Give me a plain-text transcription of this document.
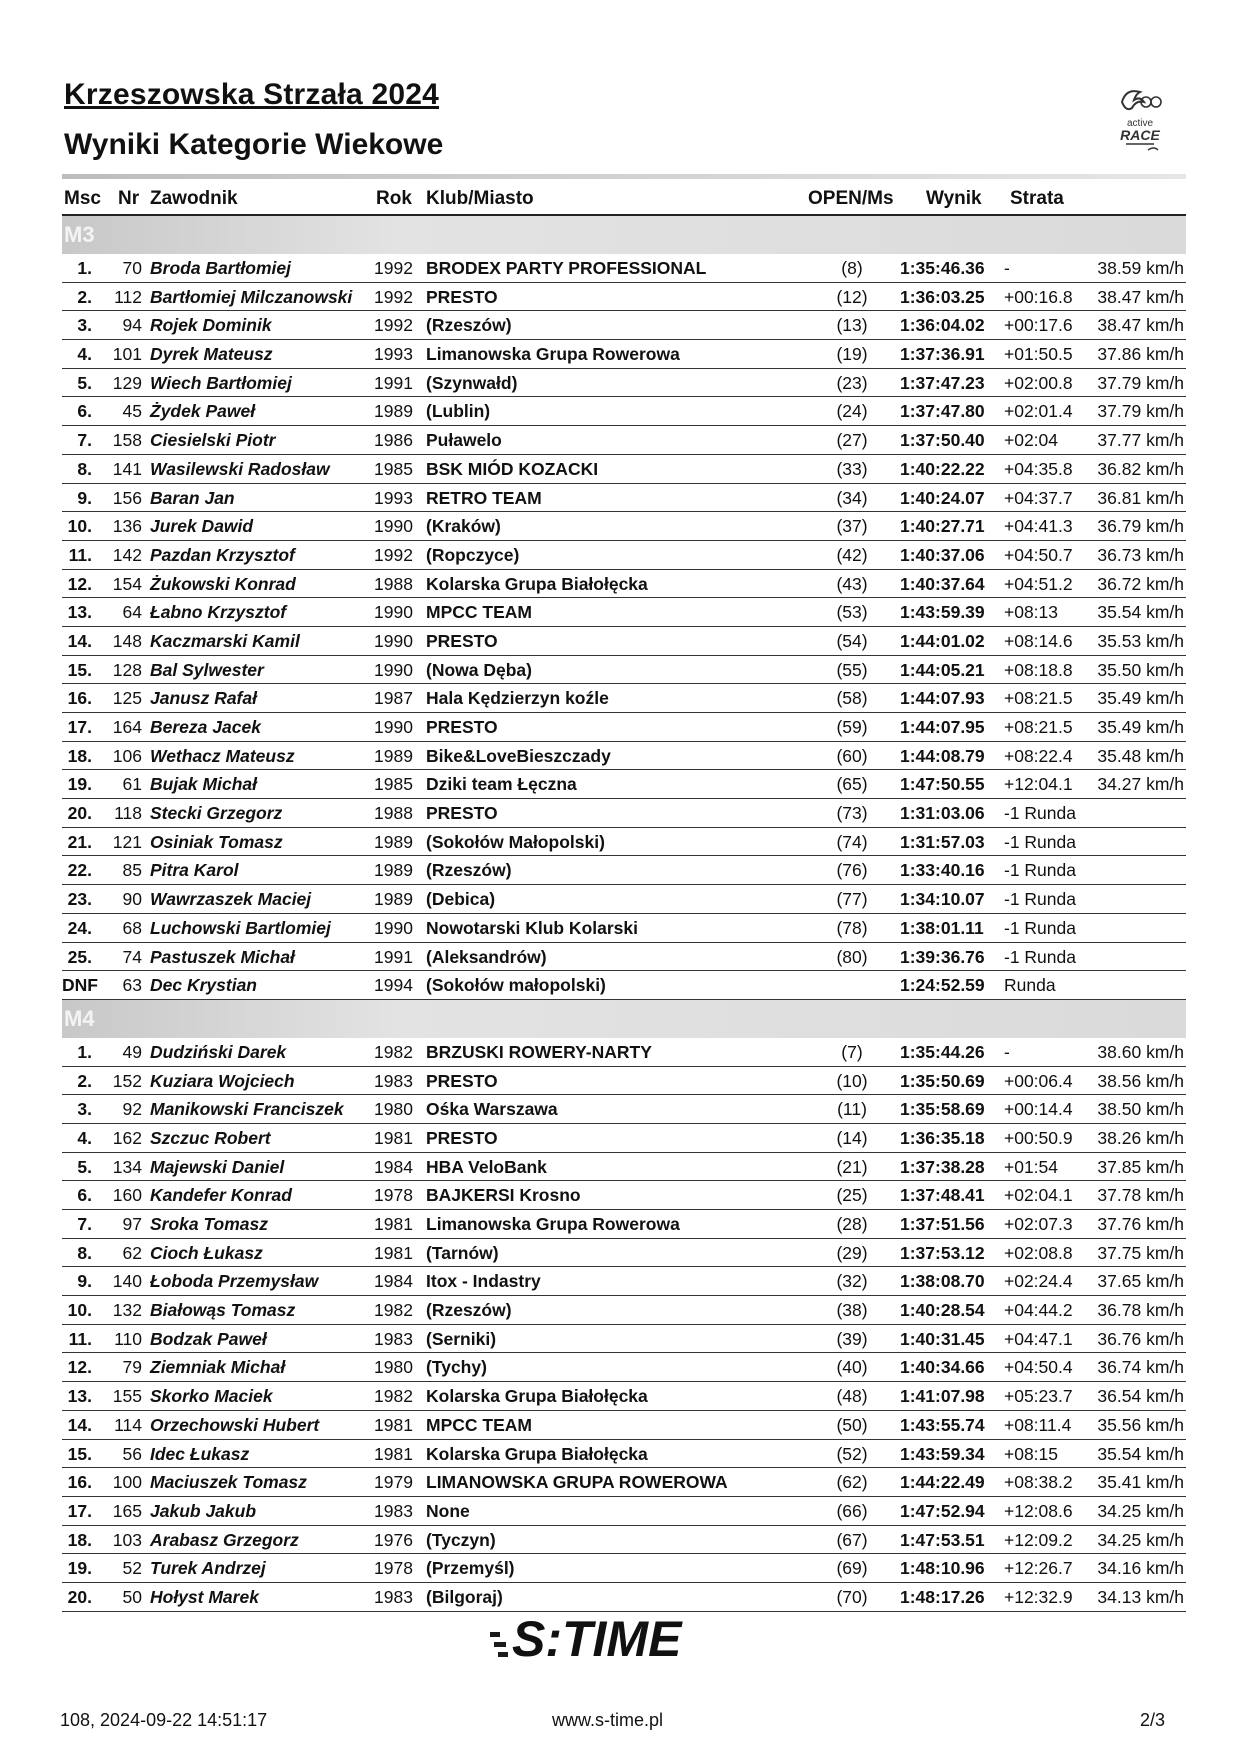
Krzeszowska Strzała 2024
Wyniki Kategorie Wiekowe
active
RACE
Msc Nr Zawodnik	Rok Klub/Miasto	OPEN/Ms Wynik Strata
M3
1.	70 Broda Bartłomiej	1992 BRODEX PARTY PROFESSIONAL	(8)	1:35:46.36 -	38.59 km/h
2.	112 Bartłomiej Milczanowski 1992 PRESTO	(12)	1:36:03.25 +00:16.8	38.47 km/h
3.	94 Rojek Dominik	1992 (Rzeszów)	(13)	1:36:04.02 +00:17.6	38.47 km/h
4.	101 Dyrek Mateusz	1993 Limanowska Grupa Rowerowa	(19)	1:37:36.91 +01:50.5	37.86 km/h
5.	129 Wiech Bartłomiej	1991 (Szynwałd)	(23)	1:37:47.23 +02:00.8	37.79 km/h
6.	45 Żydek Paweł	1989 (Lublin)	(24)	1:37:47.80 +02:01.4	37.79 km/h
7.	158 Ciesielski Piotr	1986 Puławelo	(27)	1:37:50.40 +02:04	37.77 km/h
8.	141 Wasilewski Radosław	1985 BSK MIÓD KOZACKI	(33)	1:40:22.22 +04:35.8	36.82 km/h
9.	156 Baran Jan	1993 RETRO TEAM	(34)	1:40:24.07 +04:37.7	36.81 km/h
10.	136 Jurek Dawid	1990 (Kraków)	(37)	1:40:27.71 +04:41.3	36.79 km/h
11.	142 Pazdan Krzysztof	1992 (Ropczyce)	(42)	1:40:37.06 +04:50.7	36.73 km/h
12.	154 Żukowski Konrad	1988 Kolarska Grupa Białołęcka	(43)	1:40:37.64 +04:51.2	36.72 km/h
13.	64 Łabno Krzysztof	1990 MPCC TEAM	(53)	1:43:59.39 +08:13	35.54 km/h
14.	148 Kaczmarski Kamil	1990 PRESTO	(54)	1:44:01.02 +08:14.6	35.53 km/h
15.	128 Bal Sylwester	1990 (Nowa Dęba)	(55)	1:44:05.21 +08:18.8	35.50 km/h
16.	125 Janusz Rafał	1987 Hala Kędzierzyn koźle	(58)	1:44:07.93 +08:21.5	35.49 km/h
17.	164 Bereza Jacek	1990 PRESTO	(59)	1:44:07.95 +08:21.5	35.49 km/h
18.	106 Wethacz Mateusz	1989 Bike&LoveBieszczady	(60)	1:44:08.79 +08:22.4	35.48 km/h
19.	61 Bujak Michał	1985 Dziki team Łęczna	(65)	1:47:50.55 +12:04.1	34.27 km/h
20.	118 Stecki Grzegorz	1988 PRESTO	(73)	1:31:03.06 -1 Runda
21.	121 Osiniak Tomasz	1989 (Sokołów Małopolski)	(74)	1:31:57.03 -1 Runda
22.	85 Pitra Karol	1989 (Rzeszów)	(76)	1:33:40.16 -1 Runda
23.	90 Wawrzaszek Maciej	1989 (Debica)	(77)	1:34:10.07 -1 Runda
24.	68 Luchowski Bartlomiej 1990 Nowotarski Klub Kolarski	(78)	1:38:01.11 -1 Runda
25.	74 Pastuszek Michał	1991 (Aleksandrów)	(80)	1:39:36.76 -1 Runda
DNF	63 Dec Krystian	1994 (Sokołów małopolski)	1:24:52.59 Runda
M4
1.	49 Dudziński Darek	1982 BRZUSKI ROWERY-NARTY	(7)	1:35:44.26 -	38.60 km/h
2.	152 Kuziara Wojciech	1983 PRESTO	(10)	1:35:50.69 +00:06.4	38.56 km/h
3.	92 Manikowski Franciszek 1980 Ośka Warszawa	(11)	1:35:58.69 +00:14.4	38.50 km/h
4.	162 Szczuc Robert	1981 PRESTO	(14)	1:36:35.18 +00:50.9	38.26 km/h
5.	134 Majewski Daniel	1984 HBA VeloBank	(21)	1:37:38.28 +01:54	37.85 km/h
6.	160 Kandefer Konrad	1978 BAJKERSI Krosno	(25)	1:37:48.41 +02:04.1	37.78 km/h
7.	97 Sroka Tomasz	1981 Limanowska Grupa Rowerowa	(28)	1:37:51.56 +02:07.3	37.76 km/h
8.	62 Cioch Łukasz	1981 (Tarnów)	(29)	1:37:53.12 +02:08.8	37.75 km/h
9.	140 Łoboda Przemysław	1984 Itox - Indastry	(32)	1:38:08.70 +02:24.4	37.65 km/h
10.	132 Białowąs Tomasz	1982 (Rzeszów)	(38)	1:40:28.54 +04:44.2	36.78 km/h
11.	110 Bodzak Paweł	1983 (Serniki)	(39)	1:40:31.45 +04:47.1	36.76 km/h
12.	79 Ziemniak Michał	1980 (Tychy)	(40)	1:40:34.66 +04:50.4	36.74 km/h
13.	155 Skorko Maciek	1982 Kolarska Grupa Białołęcka	(48)	1:41:07.98 +05:23.7	36.54 km/h
14.	114 Orzechowski Hubert	1981 MPCC TEAM	(50)	1:43:55.74 +08:11.4	35.56 km/h
15.	56 Idec Łukasz	1981 Kolarska Grupa Białołęcka	(52)	1:43:59.34 +08:15	35.54 km/h
16.	100 Maciuszek Tomasz	1979 LIMANOWSKA GRUPA ROWEROWA	(62)	1:44:22.49 +08:38.2	35.41 km/h
17.	165 Jakub Jakub	1983 None	(66)	1:47:52.94 +12:08.6	34.25 km/h
18.	103 Arabasz Grzegorz	1976 (Tyczyn)	(67)	1:47:53.51 +12:09.2	34.25 km/h
19.	52 Turek Andrzej	1978 (Przemyśl)	(69)	1:48:10.96 +12:26.7	34.16 km/h
20.	50 Hołyst Marek	1983 (Bilgoraj)	(70)	1:48:17.26 +12:32.9	34.13 km/h
S:TIME
108, 2024-09-22 14:51:17	www.s-time.pl	2/3
